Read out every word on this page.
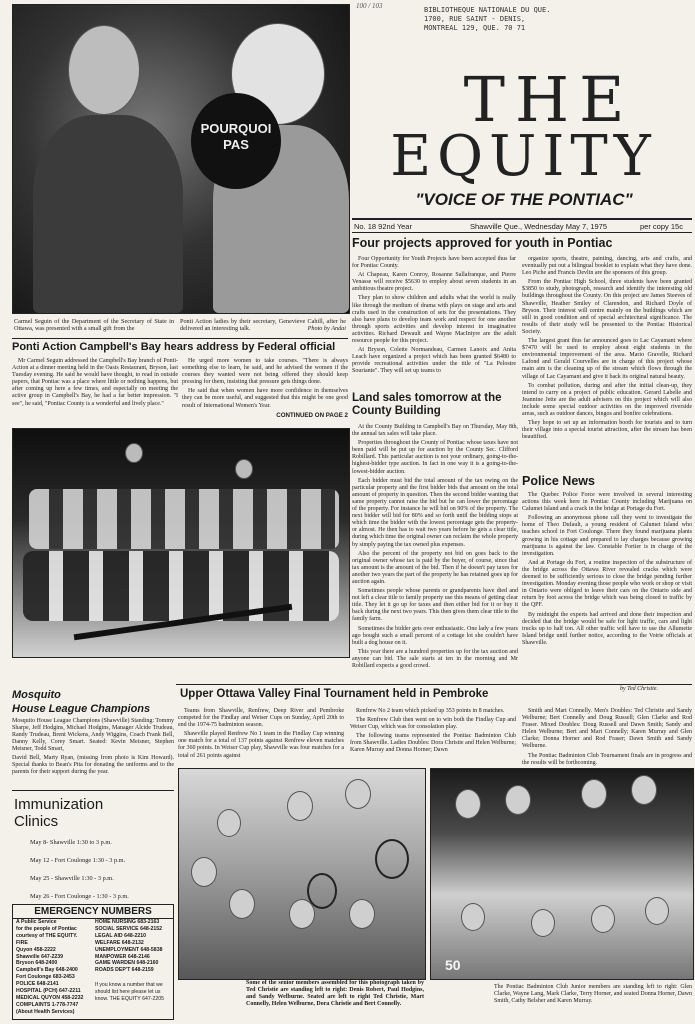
POURQUOI PAS
Carmel Seguin of the Department of the Secretary of State in Ottawa, was presented with a small gift from the
Ponti Action ladies by their secretary, Genevieve Cahill, after he delivered an interesting talk.	Photo by Andai
100 / 103	BIBLIOTHEQUE NATIONALE DU QUE.
1700, RUE SAINT - DENIS,
MONTREAL 129, QUE. 70 71
THE
EQUITY
"VOICE OF THE PONTIAC"
No. 18 92nd Year	Shawville Que., Wednesday May 7, 1975	per copy 15c
Four projects approved for youth in Pontiac

Four Opportunity for Youth Projects have been accepted thus far for Pontiac County.

At Chapeau, Karen Conroy, Rosanne Sallafranque, and Pierre Venasse will receive $5630 to employ about seven students in an ambitious theatre project.

They plan to show children and adults what the world is really like through the medium of drama with plays on stage and arts and crafts used in the construction of sets for the presentations. They also have plans to develop team work and respect for one another through sports activities and develop interest in imaginative activities. Richard Dewault and Wayne MacIntyre are the adult resource people for this project.

At Bryson, Colette Normandeau, Carmen Lanoix and Anita Leach have organized a project which has been granted $6480 to provide recreational activities under the title of "La Pelostre Souriante". They will set up teams to

organize sports, theatre, painting, dancing, arts and crafts, and eventually put out a bilingual booklet to explain what they have done. Leo Piche and Francis Devlin are the sponsors of this group.

From the Pontiac High School, three students have been granted $3850 to study, photograph, research and identify the interesting old buildings throughout the County. On this project are James Steeves of Shawville, Heather Smiley of Clarendon, and Richard Doyle of Bryson. Their interest will centre mainly on the buildings which are still in good condition and of special architectural significance. The results of their study will be presented to the Pontiac Historical Society.

The largest grant thus far announced goes to Lac Cayamant where $7470 will be used to employ about eight students in the environmental improvement of the area. Mario Gravelle, Richard Lafond and Gerald Courvelles are in charge of this project whose main aim is the cleaning up of the stream which flows through the village of Lac Cayamant and give it back its original natural beauty.

To combat pollution, during and after the initial clean-up, they intend to carry on a project of public education. Gerard Labelle and Jeannine Jette are the adult advisers on this project which will also include some special outdoor activities on the improved riverside areas, such as outdoor dances, bingos and bonfire celebrations.

They hope to set up an information booth for tourists and to turn their village into a special tourist attraction, after the stream has been beautified.

Ponti Action Campbell's Bay hears address by Federal official

Mr Carmel Seguin addressed the Campbell's Bay branch of Ponti-Action at a dinner meeting held in the Oasis Restaurant, Bryson, last Tuesday evening. He said he would have thought, to read in outside papers, that Pontiac was a place where little or nothing happens, but after coming up here a few times, and especially on meeting the active group in Campbell's Bay, he had a far better impression. "I see", he said, "Pontiac County is a wonderful and lively place."

He urged more women to take courses. "There is always something else to learn, he said, and he advised the women if the courses they wanted were not being offered they should keep pressing for them, insisting that pressure gets things done.

He said that when women have more confidence in themselves they can be more useful, and suggested that this might be one good result of International Women's Year.

CONTINUED ON PAGE 2
Land sales tomorrow at the County Building

At the County Building in Campbell's Bay on Thursday, May 8th, the annual tax sales will take place.

Properties throughout the County of Pontiac whose taxes have not been paid will be put up for auction by the County Sec. Clifford Robillard. This particular auction is not your ordinary, going-to-the-highest-bidder type auction. In fact in one way it is a going-to-the-lowest-bidder auction.

Each bidder must bid the total amount of the tax owing on the particular property and the first bidder bids that amount on the total amount of property in question. Then the second bidder wanting that same property cannot raise the bid but he can lower the percentage of the property. For instance he will bid on 90% of the property. The next bidder will bid for 80% and so forth until the bidding stops at which time the bidder with the lowest percentage gets the property- or almost. He then has to wait two years before he gets a clear title, during which time the original owner can reclaim the whole property by simply paying the tax owned plus expenses.

Also the percent of the property not bid on goes back to the original owner whose tax is paid by the buyer, of course, since that tax amount is the amount of the bid. Then if he doesn't pay taxes for another two years the part of the property he has retained goes up for auction again.

Sometimes people whose parents or grandparents have died and not left a clear title to family property use this means of getting clear title. They let it go up for taxes and then either bid for it or buy it back during the next two years. This then gives them clear title to the family farm.

Sometimes the bidder gets over enthusiastic. One lady a few years ago bought such a small percent of a cottage lot she couldn't have built a dog house on it.

This year there are a hundred properties up for the tax auction and anyone can bid. The sale starts at ten in the morning and Mr Robillard expects a good crowd.

Police News

The Quebec Police Force were involved in several interesting actions this week here in Pontiac County including Marijuana on Calumet Island and a crack in the bridge at Portage du Fort.

Following an anonymous phone call they went to investigate the home of Theo Dufault, a young resident of Calumet Island who teaches school in Fort Coulonge. There they found marijuana plants growing in his cottage and prepared to lay charges because growing marijuana is against the law. Constable Fortier is in charge of the investigation.

And at Portage du Fort, a routine inspection of the substructure of the bridge across the Ottawa River revealed cracks which were deemed to be sufficiently serious to close the bridge pending further investigation. Monday evening those people who work or shop or visit in Ontario were obliged to leave their cars on the Ontario side and return by foot across the bridge which was being closed to traffic by the QPF.

By midnight the experts had arrived and done their inspection and decided that the bridge would be safe for light traffic, cars and light trucks up to half ton. All other traffic will have to use the Allumette Island bridge until further notice, according to the Voirie officials at Shawville.

Mosquito
House League Champions

Mosquito House League Champions (Shawville) Standing: Tommy Sharpe, Jeff Hodgins, Michael Hodgins, Manager Alcide Trudeau, Randy Trudeau, Brent Wickens, Andy Wiggins, Coach Frank Bell, Danny Kelly, Corey Smart. Seated: Kevin Meisner, Stephen Meisner, Todd Smart,

David Bell, Marty Ryan, (missing from photo is Kim Howard). Special thanks to Bean's Pita for donating the uniforms and to the parents for their support during the year.

Immunization
Clinics
May 8- Shawville 1:30 to 3 p.m.
May 12 - Fort Coulonge 1:30 - 3 p.m.
May 25 - Shawville 1:30 - 3 p.m.
May 26 - Fort Coulonge - 1:30 - 3 p.m.
EMERGENCY NUMBERS
A Public Service
for the people of Pontiac
courtesy of THE EQUITY.
FIRE
Quyon 458-2222
Shawville 647-2239
Bryson 648-2400
Campbell's Bay 648-2400
Fort Coulonge 683-2453
POLICE 648-2141
HOSPITAL (PCH) 647-2211
MEDICAL QUYON 458-2232
COMPLAINTS 1-778-7747
(About Health Services)
HOME NURSING 683-2163
SOCIAL SERVICE 648-2152
LEGAL AID 648-2210
WELFARE 648-2132
UNEMPLOYMENT 648-5838
MANPOWER 648-2146
GAME WARDEN 648-2160
ROADS DEP'T 648-2159
If you know a number that we should list here please let us know. THE EQUITY 647-2205
by Ted Christie.
Upper Ottawa Valley Final Tournament held in Pembroke

Teams from Shawville, Renfrew, Deep River and Pembroke competed for the Findlay and Weiser Cups on Sunday, April 20th to end the 1974-75 badminton season.

Shawville played Renfrew No 1 team in the Findlay Cup winning one match for a total of 137 points against Renfrew eleven matches for 360 points. In Weiser Cup play, Shawville was four matches for a total of 261 points against

Renfrew No 2 team which picked up 353 points in 8 matches.

The Renfrew Club then went on to win both the Findlay Cup and Weiser Cup, which was for consolation play.

The following teams represented the Pontiac Badminton Club from Shawville. Ladies Doubles: Dora Christie and Helen Welburne; Karen Murray and Donna Horner; Dawn

Smith and Mart Connelly. Men's Doubles: Ted Christie and Sandy Welburne; Bert Connelly and Doug Russell; Glen Clarke and Rod Fraser. Mixed Doubles: Doug Russell and Dawn Smith; Sandy and Helen Welburne; Bert and Mart Connelly; Karen Murray and Glen Clarke; Donna Horner and Rod Fraser; Dawn Smith and Sandy Welburne.

The Pontiac Badminton Club Tournament finals are in progress and the results will be forthcoming.

50
Some of the senior members assembled for this photograph taken by Ted Christie are standing left to right: Denis Robert, Paul Hodgins, and Sandy Welburne. Seated are left to right Ted Christie, Mart Connelly, Helen Welburne, Dora Christie and Bert Connelly.
The Pontiac Badminton Club Junior members are standing left to right: Glen Clarke, Wayne Lang, Mark Clarke, Terry Horner, and seated Donna Horner, Dawn Smith, Cathy Belsher and Karen Murray.
